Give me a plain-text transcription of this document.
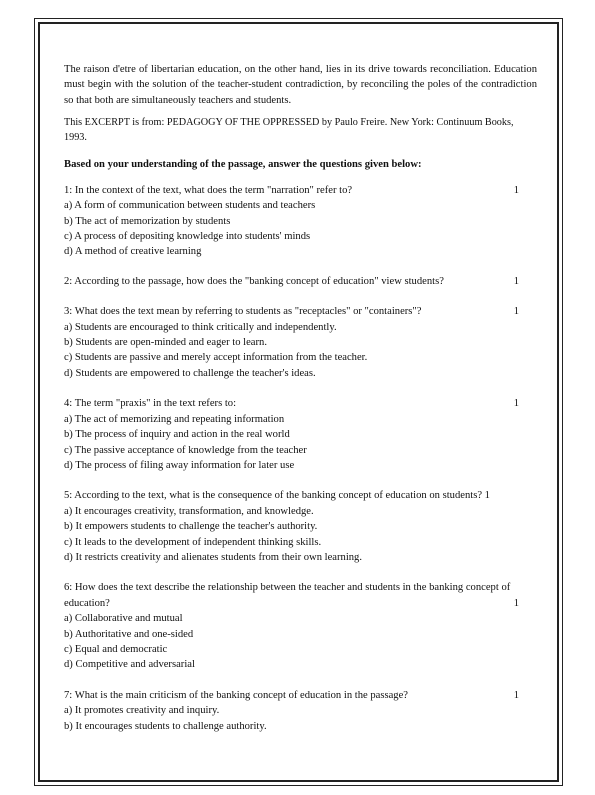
The raison d'etre of libertarian education, on the other hand, lies in its drive towards reconciliation. Education must begin with the solution of the teacher-student contradiction, by reconciling the poles of the contradiction so that both are simultaneously teachers and students.

This EXCERPT is from: PEDAGOGY OF THE OPPRESSED by Paulo Freire. New York: Continuum Books, 1993.

Based on your understanding of the passage, answer the questions given below:

1: In the context of the text, what does the term "narration" refer to?	1

a) A form of communication between students and teachers

b) The act of memorization by students

c) A process of depositing knowledge into students' minds

d) A method of creative learning

2: According to the passage, how does the "banking concept of education" view students?	1
3: What does the text mean by referring to students as "receptacles" or "containers"?	1

a) Students are encouraged to think critically and independently.

b) Students are open-minded and eager to learn.

c) Students are passive and merely accept information from the teacher.

d) Students are empowered to challenge the teacher's ideas.

4: The term "praxis" in the text refers to:	1

a) The act of memorizing and repeating information

b) The process of inquiry and action in the real world

c) The passive acceptance of knowledge from the teacher

d) The process of filing away information for later use

5: According to the text, what is the consequence of the banking concept of education on students? 1

a) It encourages creativity, transformation, and knowledge.

b) It empowers students to challenge the teacher's authority.

c) It leads to the development of independent thinking skills.

d) It restricts creativity and alienates students from their own learning.

6: How does the text describe the relationship between the teacher and students in the banking concept of education?	1

a) Collaborative and mutual

b) Authoritative and one-sided

c) Equal and democratic

d) Competitive and adversarial

7: What is the main criticism of the banking concept of education in the passage?	1

a) It promotes creativity and inquiry.

b) It encourages students to challenge authority.
